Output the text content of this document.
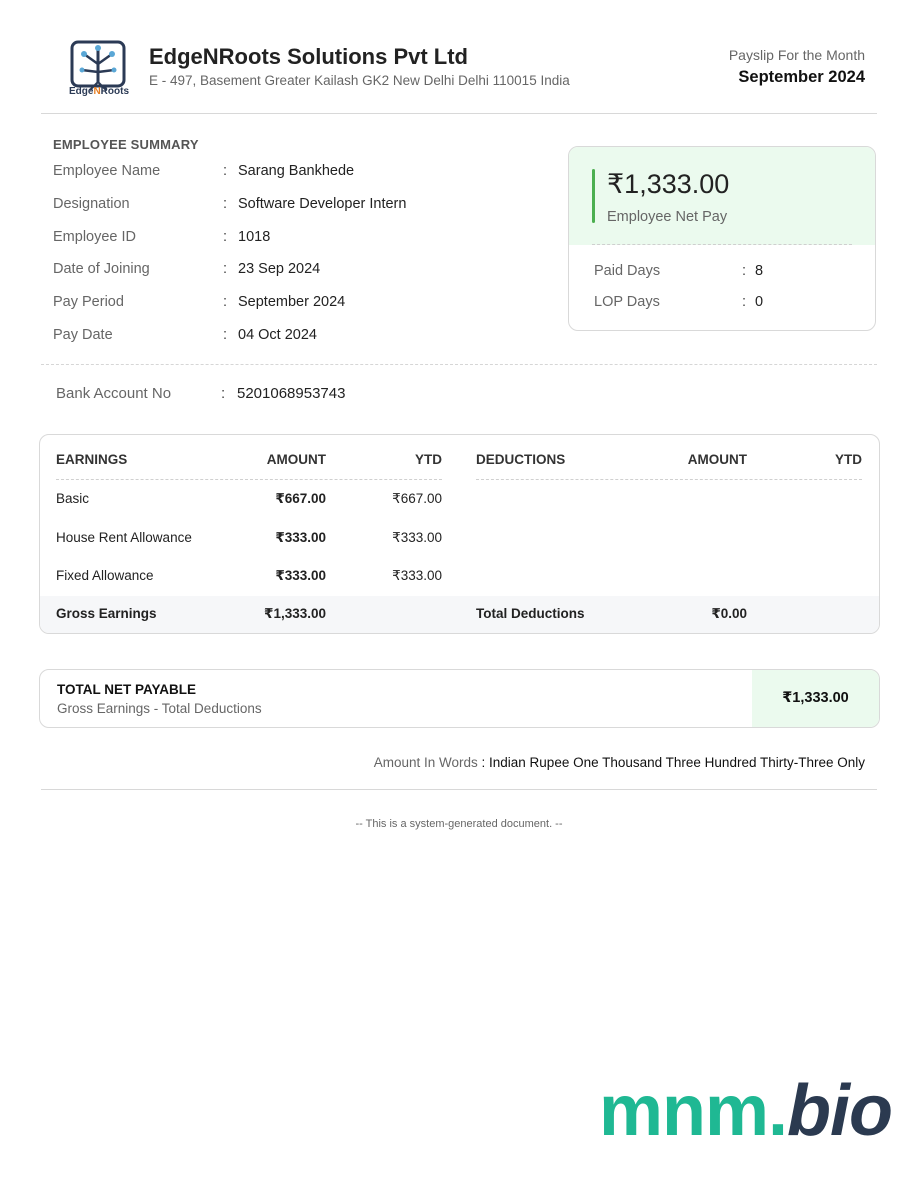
EdgeNRoots
EdgeNRoots Solutions Pvt Ltd
E - 497, Basement Greater Kailash GK2 New Delhi Delhi 110015 India
Payslip For the Month
September 2024
EMPLOYEE SUMMARY
Employee Name	: Sarang Bankhede
Designation	: Software Developer Intern
Employee ID	: 1018
Date of Joining	: 23 Sep 2024
Pay Period	: September 2024
Pay Date	: 04 Oct 2024
₹1,333.00
Employee Net Pay
Paid Days	: 8
LOP Days	: 0
Bank Account No	: 5201068953743
EARNINGS	AMOUNT	YTD	DEDUCTIONS	AMOUNT	YTD
Basic	₹667.00	₹667.00
House Rent Allowance	₹333.00	₹333.00
Fixed Allowance	₹333.00	₹333.00
Gross Earnings	₹1,333.00	Total Deductions	₹0.00
TOTAL NET PAYABLE
Gross Earnings - Total Deductions
₹1,333.00
Amount In Words : Indian Rupee One Thousand Three Hundred Thirty-Three Only
-- This is a system-generated document. --
mnm.bio
